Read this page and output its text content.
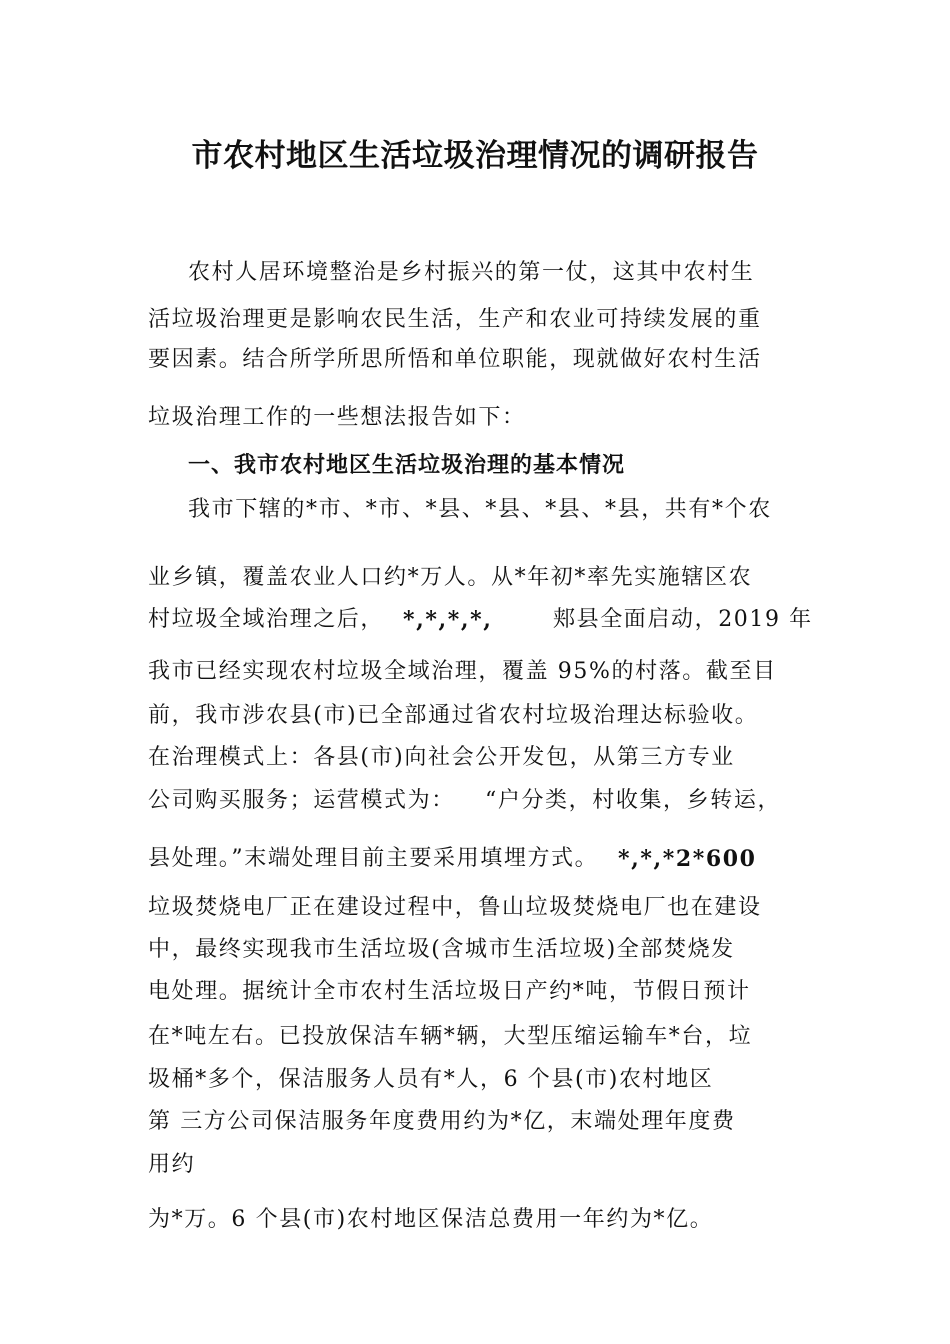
市农村地区生活垃圾治理情况的调研报告

农村人居环境整治是乡村振兴的第一仗，这其中农村生

活垃圾治理更是影响农民生活，生产和农业可持续发展的重

要因素。结合所学所思所悟和单位职能，现就做好农村生活

垃圾治理工作的一些想法报告如下：

一、我市农村地区生活垃圾治理的基本情况

我市下辖的*市、*市、*县、*县、*县、*县，共有*个农

业乡镇，覆盖农业人口约*万人。从*年初*率先实施辖区农

村垃圾全域治理之后， *,*,*,*,	郏县全面启动，2019 年

我市已经实现农村垃圾全域治理，覆盖 95%的村落。截至目

前，我市涉农县(市)已全部通过省农村垃圾治理达标验收。

在治理模式上：各县(市)向社会公开发包，从第三方专业

公司购买服务；运营模式为： “户分类，村收集，乡转运，

县处理。”末端处理目前主要采用填埋方式。 *,*,*2*600

垃圾焚烧电厂正在建设过程中，鲁山垃圾焚烧电厂也在建设

中，最终实现我市生活垃圾(含城市生活垃圾)全部焚烧发

电处理。据统计全市农村生活垃圾日产约*吨，节假日预计

在*吨左右。已投放保洁车辆*辆，大型压缩运输车*台，垃

圾桶*多个，保洁服务人员有*人，6 个县(市)农村地区

第 三方公司保洁服务年度费用约为*亿，末端处理年度费

用约

为*万。6 个县(市)农村地区保洁总费用一年约为*亿。
